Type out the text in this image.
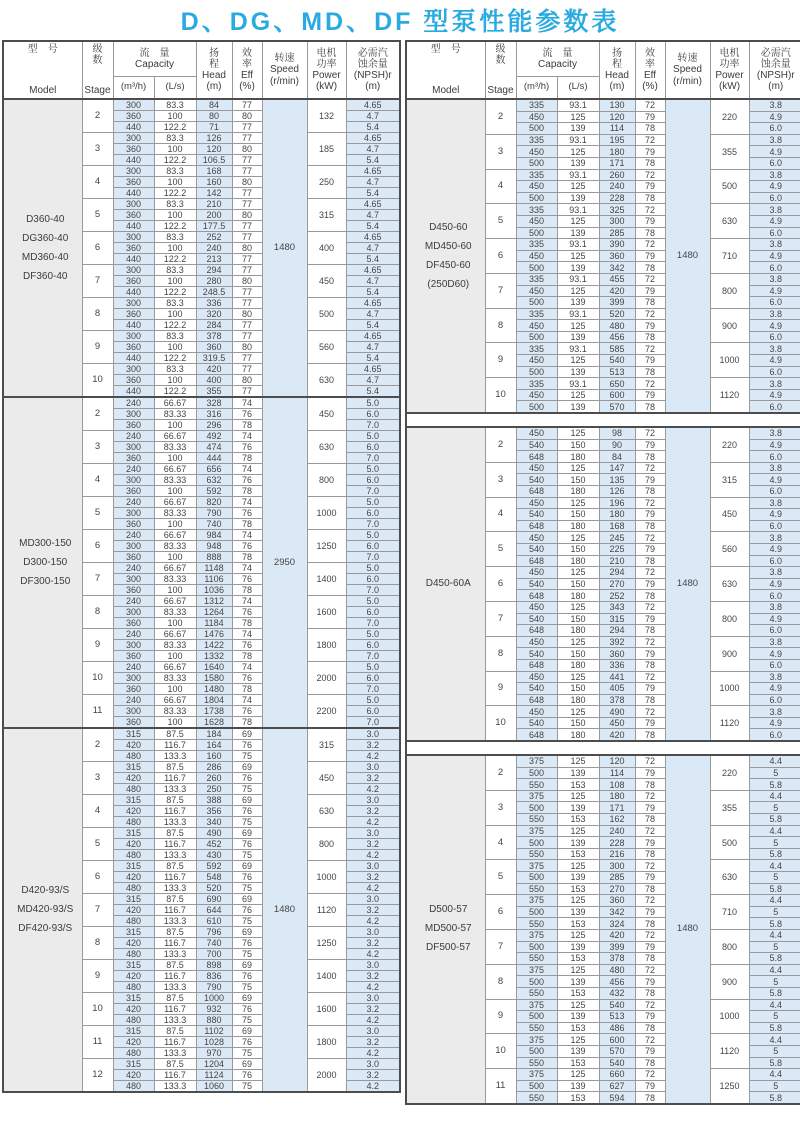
D、DG、MD、DF 型泵性能参数表
型　号
Model

级
数
Stage

流　量
Capacity

扬
程
Head
(m)

效
率
Eff
(%)

转速
Speed
(r/min)

电机
功率
Power
(kW)

必需汽
蚀余量
(NPSH)r
(m)

		(m³/h)	(L/s)					

D360-40
DG360-40
MD360-40
DF360-40	2	300	83.3	84	77	1480	132	4.65
		360	100	80	80			4.7
		440	122.2	71	77			5.4
	3	300	83.3	126	77		185	4.65
		360	100	120	80			4.7
		440	122.2	106.5	77			5.4
	4	300	83.3	168	77		250	4.65
		360	100	160	80			4.7
		440	122.2	142	77			5.4
	5	300	83.3	210	77		315	4.65
		360	100	200	80			4.7
		440	122.2	177.5	77			5.4
	6	300	83.3	252	77		400	4.65
		360	100	240	80			4.7
		440	122.2	213	77			5.4
	7	300	83.3	294	77		450	4.65
		360	100	280	80			4.7
		440	122.2	248.5	77			5.4
	8	300	83.3	336	77		500	4.65
		360	100	320	80			4.7
		440	122.2	284	77			5.4
	9	300	83.3	378	77		560	4.65
		360	100	360	80			4.7
		440	122.2	319.5	77			5.4
	10	300	83.3	420	77		630	4.65
		360	100	400	80			4.7
		440	122.2	355	77			5.4

MD300-150
D300-150
DF300-150	2	240	66.67	328	74	2950	450	5.0
		300	83.33	316	76			6.0
		360	100	296	78			7.0
	3	240	66.67	492	74		630	5.0
		300	83.33	474	76			6.0
		360	100	444	78			7.0
	4	240	66.67	656	74		800	5.0
		300	83.33	632	76			6.0
		360	100	592	78			7.0
	5	240	66.67	820	74		1000	5.0
		300	83.33	790	76			6.0
		360	100	740	78			7.0
	6	240	66.67	984	74		1250	5.0
		300	83.33	948	76			6.0
		360	100	888	78			7.0
	7	240	66.67	1148	74		1400	5.0
		300	83.33	1106	76			6.0
		360	100	1036	78			7.0
	8	240	66.67	1312	74		1600	5.0
		300	83.33	1264	76			6.0
		360	100	1184	78			7.0
	9	240	66.67	1476	74		1800	5.0
		300	83.33	1422	76			6.0
		360	100	1332	78			7.0
	10	240	66.67	1640	74		2000	5.0
		300	83.33	1580	76			6.0
		360	100	1480	78			7.0
	11	240	66.67	1804	74		2200	5.0
		300	83.33	1738	76			6.0
		360	100	1628	78			7.0

D420-93/S
MD420-93/S
DF420-93/S	2	315	87.5	184	69	1480	315	3.0
		420	116.7	164	76			3.2
		480	133.3	160	75			4.2
	3	315	87.5	286	69		450	3.0
		420	116.7	260	76			3.2
		480	133.3	250	75			4.2
	4	315	87.5	388	69		630	3.0
		420	116.7	356	76			3.2
		480	133.3	340	75			4.2
	5	315	87.5	490	69		800	3.0
		420	116.7	452	76			3.2
		480	133.3	430	75			4.2
	6	315	87.5	592	69		1000	3.0
		420	116.7	548	76			3.2
		480	133.3	520	75			4.2
	7	315	87.5	690	69		1120	3.0
		420	116.7	644	76			3.2
		480	133.3	610	75			4.2
	8	315	87.5	796	69		1250	3.0
		420	116.7	740	76			3.2
		480	133.3	700	75			4.2
	9	315	87.5	898	69		1400	3.0
		420	116.7	836	76			3.2
		480	133.3	790	75			4.2
	10	315	87.5	1000	69		1600	3.0
		420	116.7	932	76			3.2
		480	133.3	880	75			4.2
	11	315	87.5	1102	69		1800	3.0
		420	116.7	1028	76			3.2
		480	133.3	970	75			4.2
	12	315	87.5	1204	69		2000	3.0
		420	116.7	1124	76			3.2
		480	133.3	1060	75			4.2
型　号
Model

级
数
Stage

流　量
Capacity

扬
程
Head
(m)

效
率
Eff
(%)

转速
Speed
(r/min)

电机
功率
Power
(kW)

必需汽
蚀余量
(NPSH)r
(m)

		(m³/h)	(L/s)					

D450-60
MD450-60
DF450-60
(250D60)	2	335	93.1	130	72	1480	220	3.8
		450	125	120	79			4.9
		500	139	114	78			6.0
	3	335	93.1	195	72		355	3.8
		450	125	180	79			4.9
		500	139	171	78			6.0
	4	335	93.1	260	72		500	3.8
		450	125	240	79			4.9
		500	139	228	78			6.0
	5	335	93.1	325	72		630	3.8
		450	125	300	79			4.9
		500	139	285	78			6.0
	6	335	93.1	390	72		710	3.8
		450	125	360	79			4.9
		500	139	342	78			6.0
	7	335	93.1	455	72		800	3.8
		450	125	420	79			4.9
		500	139	399	78			6.0
	8	335	93.1	520	72		900	3.8
		450	125	480	79			4.9
		500	139	456	78			6.0
	9	335	93.1	585	72		1000	3.8
		450	125	540	79			4.9
		500	139	513	78			6.0
	10	335	93.1	650	72		1120	3.8
		450	125	600	79			4.9
		500	139	570	78			6.0

D450-60A	2	450	125	98	72	1480	220	3.8
		540	150	90	79			4.9
		648	180	84	78			6.0
	3	450	125	147	72		315	3.8
		540	150	135	79			4.9
		648	180	126	78			6.0
	4	450	125	196	72		450	3.8
		540	150	180	79			4.9
		648	180	168	78			6.0
	5	450	125	245	72		560	3.8
		540	150	225	79			4.9
		648	180	210	78			6.0
	6	450	125	294	72		630	3.8
		540	150	270	79			4.9
		648	180	252	78			6.0
	7	450	125	343	72		800	3.8
		540	150	315	79			4.9
		648	180	294	78			6.0
	8	450	125	392	72		900	3.8
		540	150	360	79			4.9
		648	180	336	78			6.0
	9	450	125	441	72		1000	3.8
		540	150	405	79			4.9
		648	180	378	78			6.0
	10	450	125	490	72		1120	3.8
		540	150	450	79			4.9
		648	180	420	78			6.0

D500-57
MD500-57
DF500-57	2	375	125	120	72	1480	220	4.4
		500	139	114	79			5
		550	153	108	78			5.8
	3	375	125	180	72		355	4.4
		500	139	171	79			5
		550	153	162	78			5.8
	4	375	125	240	72		500	4.4
		500	139	228	79			5
		550	153	216	78			5.8
	5	375	125	300	72		630	4.4
		500	139	285	79			5
		550	153	270	78			5.8
	6	375	125	360	72		710	4.4
		500	139	342	79			5
		550	153	324	78			5.8
	7	375	125	420	72		800	4.4
		500	139	399	79			5
		550	153	378	78			5.8
	8	375	125	480	72		900	4.4
		500	139	456	79			5
		550	153	432	78			5.8
	9	375	125	540	72		1000	4.4
		500	139	513	79			5
		550	153	486	78			5.8
	10	375	125	600	72		1120	4.4
		500	139	570	79			5
		550	153	540	78			5.8
	11	375	125	660	72		1250	4.4
		500	139	627	79			5
		550	153	594	78			5.8
